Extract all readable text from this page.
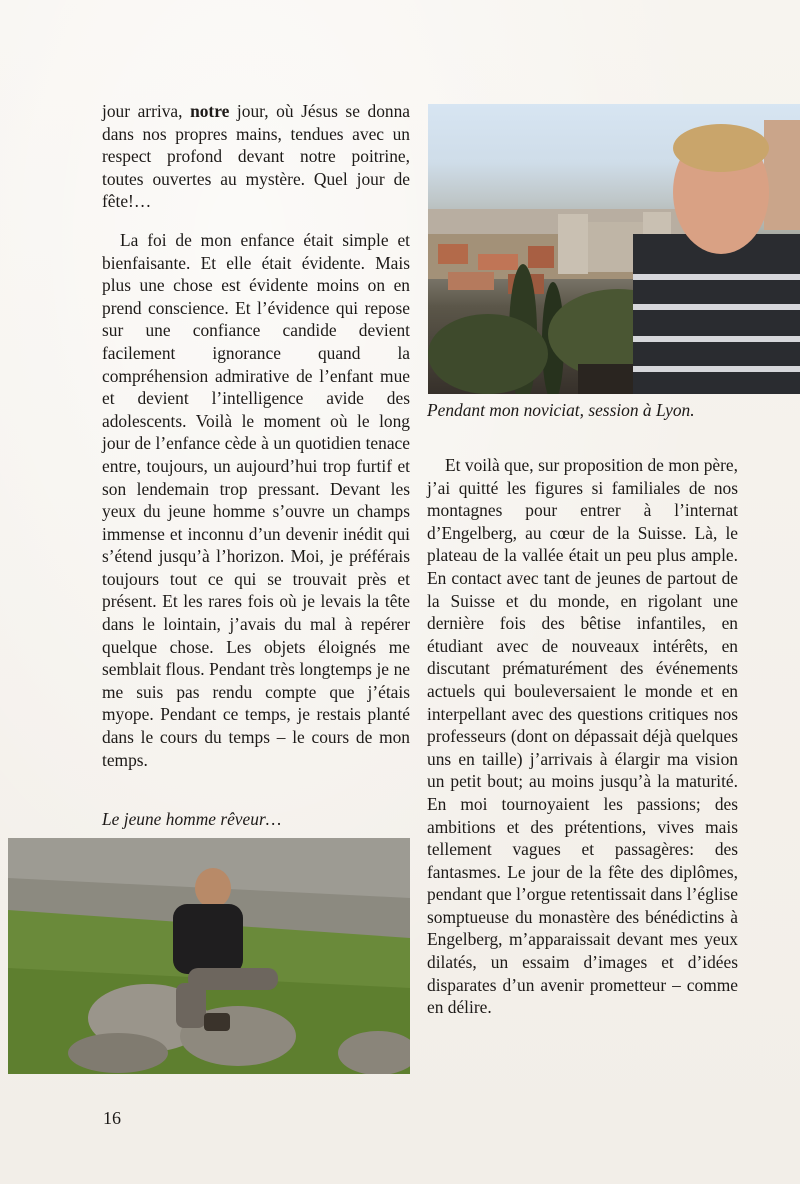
jour arriva, notre jour, où Jésus se donna dans nos propres mains, tendues avec un respect profond devant notre poitrine, toutes ouvertes au mystère. Quel jour de fête!…

La foi de mon enfance était simple et bienfaisante. Et elle était évidente. Mais plus une chose est évidente moins on en prend conscience. Et l’évidence qui repose sur une confiance candide devient facilement ignorance quand la compréhension admirative de l’enfant mue et devient l’intelligence avide des adolescents. Voilà le moment où le long jour de l’enfance cède à un quotidien tenace entre, toujours, un aujourd’hui trop furtif et son lendemain trop pressant. Devant les yeux du jeune homme s’ouvre un champs immense et inconnu d’un devenir inédit qui s’étend jusqu’à l’horizon. Moi, je préférais toujours tout ce qui se trouvait près et présent. Et les rares fois où je levais la tête dans le lointain, j’avais du mal à repérer quelque chose. Les objets éloignés me semblait flous. Pendant très longtemps je ne me suis pas rendu compte que j’étais myope. Pendant ce temps, je restais planté dans le cours du temps – le cours de mon temps.

Le jeune homme rêveur…
Pendant mon noviciat, session à Lyon.

Et voilà que, sur proposition de mon père, j’ai quitté les figures si familiales de nos montagnes pour entrer à l’internat d’Engelberg, au cœur de la Suisse. Là, le plateau de la vallée était un peu plus ample. En contact avec tant de jeunes de partout de la Suisse et du monde, en rigolant une dernière fois des bêtise infantiles, en étudiant avec de nouveaux intérêts, en discutant prématurément des événements actuels qui bouleversaient le monde et en interpellant avec des questions critiques nos professeurs (dont on dépassait déjà quelques uns en taille) j’arrivais à élargir ma vision un petit bout; au moins jusqu’à la maturité. En moi tournoyaient les passions; des ambitions et des prétentions, vives mais tellement vagues et passagères: des fantasmes. Le jour de la fête des diplômes, pendant que l’orgue retentissait dans l’église somptueuse du monastère des bénédictins à Engelberg, m’apparaissait devant mes yeux dilatés, un essaim d’images et d’idées disparates d’un avenir prometteur – comme en délire.

16
